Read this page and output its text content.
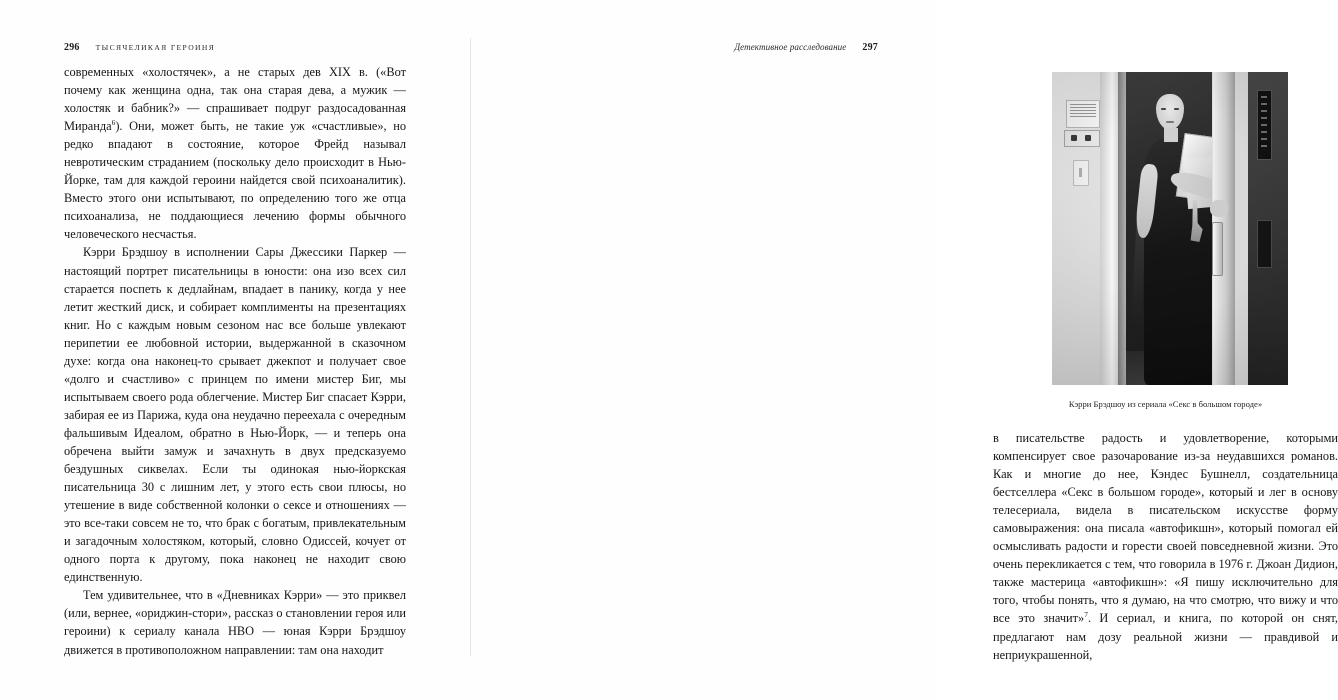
296 ТЫСЯЧЕЛИКАЯ ГЕРОИНЯ

современных «холостячек», а не старых дев XIX в. («Вот почему как женщина одна, так она старая дева, а мужик — холостяк и бабник?» — спрашивает подруг раздосадованная Миранда$^6$). Они, может быть, не такие уж «счастливые», но редко впадают в состояние, которое Фрейд называл невротическим страданием (поскольку дело происходит в Нью-Йорке, там для каждой героини найдется свой психоаналитик). Вместо этого они испытывают, по определению того же отца психоанализа, не поддающиеся лечению формы обычного человеческого несчастья.

Кэрри Брэдшоу в исполнении Сары Джессики Паркер — настоящий портрет писательницы в юности: она изо всех сил старается поспеть к дедлайнам, впадает в панику, когда у нее летит жесткий диск, и собирает комплименты на презентациях книг. Но с каждым новым сезоном нас все больше увлекают перипетии ее любовной истории, выдержанной в сказочном духе: когда она наконец-то срывает джекпот и получает свое «долго и счастливо» с принцем по имени мистер Биг, мы испытываем своего рода облегчение. Мистер Биг спасает Кэрри, забирая ее из Парижа, куда она неудачно переехала с очередным фальшивым Идеалом, обратно в Нью-Йорк, — и теперь она обречена выйти замуж и зачахнуть в двух предсказуемо бездушных сиквелах. Если ты одинокая нью-йоркская писательница 30 с лишним лет, у этого есть свои плюсы, но утешение в виде собственной колонки о сексе и отношениях — это все-таки совсем не то, что брак с богатым, привлекательным и загадочным холостяком, который, словно Одиссей, кочует от одного порта к другому, пока наконец не находит свою единственную.

Тем удивительнее, что в «Дневниках Кэрри» — это приквел (или, вернее, «ориджин-стори», рассказ о становлении героя или героини) к сериалу канала HBO — юная Кэрри Брэдшоу движется в противоположном направлении: там она находит

Детективное расследование 297
Кэрри Брэдшоу из сериала «Секс в большом городе»

в писательстве радость и удовлетворение, которыми компенсирует свое разочарование из-за неудавшихся романов. Как и многие до нее, Кэндес Бушнелл, создательница бестселлера «Секс в большом городе», который и лег в основу телесериала, видела в писательском искусстве форму самовыражения: она писала «автофикшн», который помогал ей осмысливать радости и горести своей повседневной жизни. Это очень перекликается с тем, что говорила в 1976 г. Джоан Дидион, также мастерица «автофикшн»: «Я пишу исключительно для того, чтобы понять, что я думаю, на что смотрю, что вижу и что все это значит»$^7$. И сериал, и книга, по которой он снят, предлагают нам дозу реальной жизни — правдивой и неприукрашенной,
